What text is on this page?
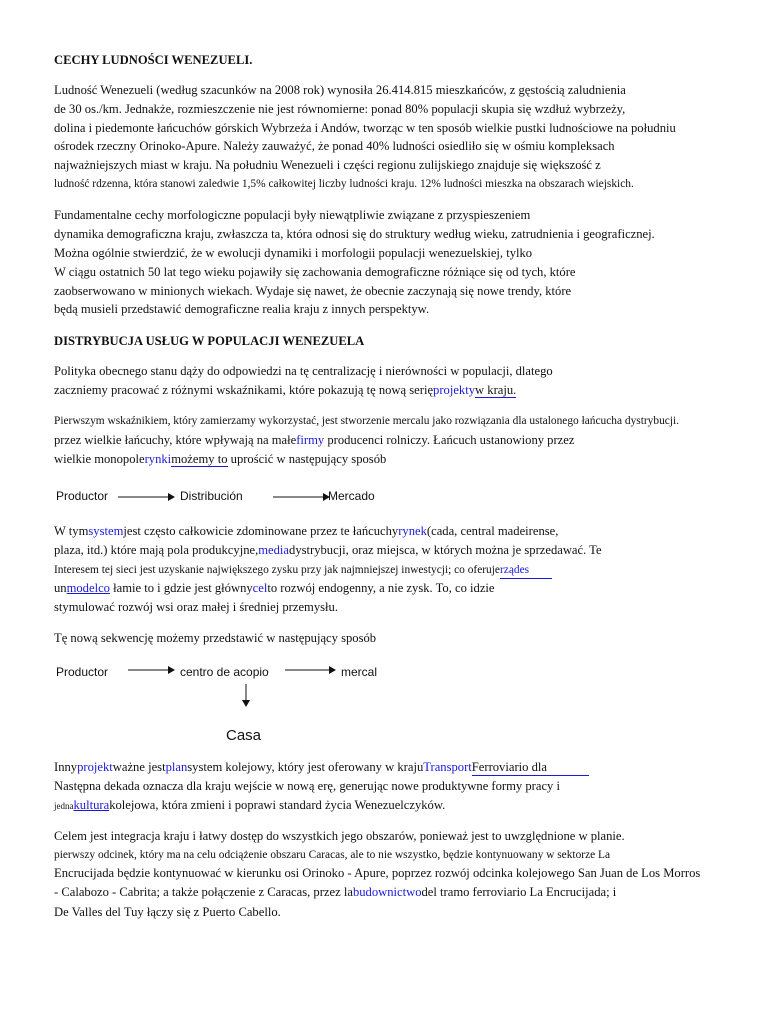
CECHY LUDNOŚCI WENEZUELI.
Ludność Wenezueli (według szacunków na 2008 rok) wynosiła 26.414.815 mieszkańców, z gęstością zaludnienia
de 30 os./km. Jednakże, rozmieszczenie nie jest równomierne: ponad 80% populacji skupia się wzdłuż wybrzeży,
dolina i piedemonte łańcuchów górskich Wybrzeża i Andów, tworząc w ten sposób wielkie pustki ludnościowe na południu
ośrodek rzeczny Orinoko-Apure. Należy zauważyć, że ponad 40% ludności osiedliło się w ośmiu kompleksach
najważniejszych miast w kraju. Na południu Wenezueli i części regionu zulijskiego znajduje się większość z
ludność rdzenna, która stanowi zaledwie 1,5% całkowitej liczby ludności kraju. 12% ludności mieszka na obszarach wiejskich.
Fundamentalne cechy morfologiczne populacji były niewątpliwie związane z przyspieszeniem
dynamika demograficzna kraju, zwłaszcza ta, która odnosi się do struktury według wieku, zatrudnienia i geograficznej.
Można ogólnie stwierdzić, że w ewolucji dynamiki i morfologii populacji wenezuelskiej, tylko
W ciągu ostatnich 50 lat tego wieku pojawiły się zachowania demograficzne różniące się od tych, które
zaobserwowano w minionych wiekach. Wydaje się nawet, że obecnie zaczynają się nowe trendy, które
będą musieli przedstawić demograficzne realia kraju z innych perspektyw.
DISTRYBUCJA USŁUG W POPULACJI WENEZUELA
Polityka obecnego stanu dąży do odpowiedzi na tę centralizację i nierówności w populacji, dlatego
zaczniemy pracować z różnymi wskaźnikami, które pokazują tę nową serięprojektyw kraju.
Pierwszym wskaźnikiem, który zamierzamy wykorzystać, jest stworzenie mercalu jako rozwiązania dla ustalonego łańcucha dystrybucji.
przez wielkie łańcuchy, które wpływają na małefirmy producenci rolniczy. Łańcuch ustanowiony przez
wielkie monopolerynkimożemy to uprościć w następujący sposób
Productor	Distribución	Mercado
W tymsystemjest często całkowicie zdominowane przez te łańcuchyrynek(cada, central madeirense,
plaza, itd.) które mają pola produkcyjne,mediadystrybucji, oraz miejsca, w których można je sprzedawać. Te
Interesem tej sieci jest uzyskanie największego zysku przy jak najmniejszej inwestycji; co oferujerządes
unmodelco łamie to i gdzie jest głównycelto rozwój endogenny, a nie zysk. To, co idzie
stymulować rozwój wsi oraz małej i średniej przemysłu.
Tę nową sekwencję możemy przedstawić w następujący sposób
Productor	centro de acopio	mercal
Casa
Innyprojektważne jestplansystem kolejowy, który jest oferowany w krajuTransportFerroviario dla
Następna dekada oznacza dla kraju wejście w nową erę, generując nowe produktywne formy pracy i
jednakulturakolejowa, która zmieni i poprawi standard życia Wenezuelczyków.
Celem jest integracja kraju i łatwy dostęp do wszystkich jego obszarów, ponieważ jest to uwzględnione w planie.
pierwszy odcinek, który ma na celu odciążenie obszaru Caracas, ale to nie wszystko, będzie kontynuowany w sektorze La
Encrucijada będzie kontynuować w kierunku osi Orinoko - Apure, poprzez rozwój odcinka kolejowego San Juan de Los Morros
- Calabozo - Cabrita; a także połączenie z Caracas, przez labudownictwodel tramo ferroviario La Encrucijada; i
De Valles del Tuy łączy się z Puerto Cabello.
